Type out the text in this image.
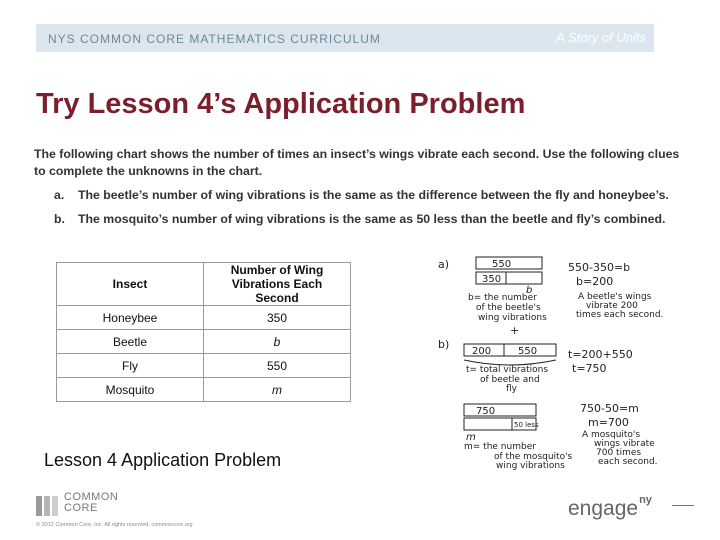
NYS COMMON CORE MATHEMATICS CURRICULUM	A Story of Units
Try Lesson 4’s Application Problem
The following chart shows the number of times an insect’s wings vibrate each second. Use the following clues to complete the unknowns in the chart.
a. The beetle’s number of wing vibrations is the same as the difference between the fly and honeybee’s.
b. The mosquito’s number of wing vibrations is the same as 50 less than the beetle and fly’s combined.
Insect	Number of Wing Vibrations Each Second

Honeybee	350
Beetle	b
Fly	550
Mosquito	m
Lesson 4 Application Problem
a)	550
350
b
b= the number
of the beetle's
wing vibrations
550-350=b
b=200
A beetle's wings
vibrate 200
times each second.
b)
+
200	550
t= total vibrations
of beetle and
fly
t=200+550
t=750
750
50 less
m
m= the number
of the mosquito's
wing vibrations
750-50=m
m=700
A mosquito's
wings vibrate
700 times
each second.
COMMON
CORE
© 2012 Common Core, Inc. All rights reserved. commoncore.org
engage$^{ny}$
